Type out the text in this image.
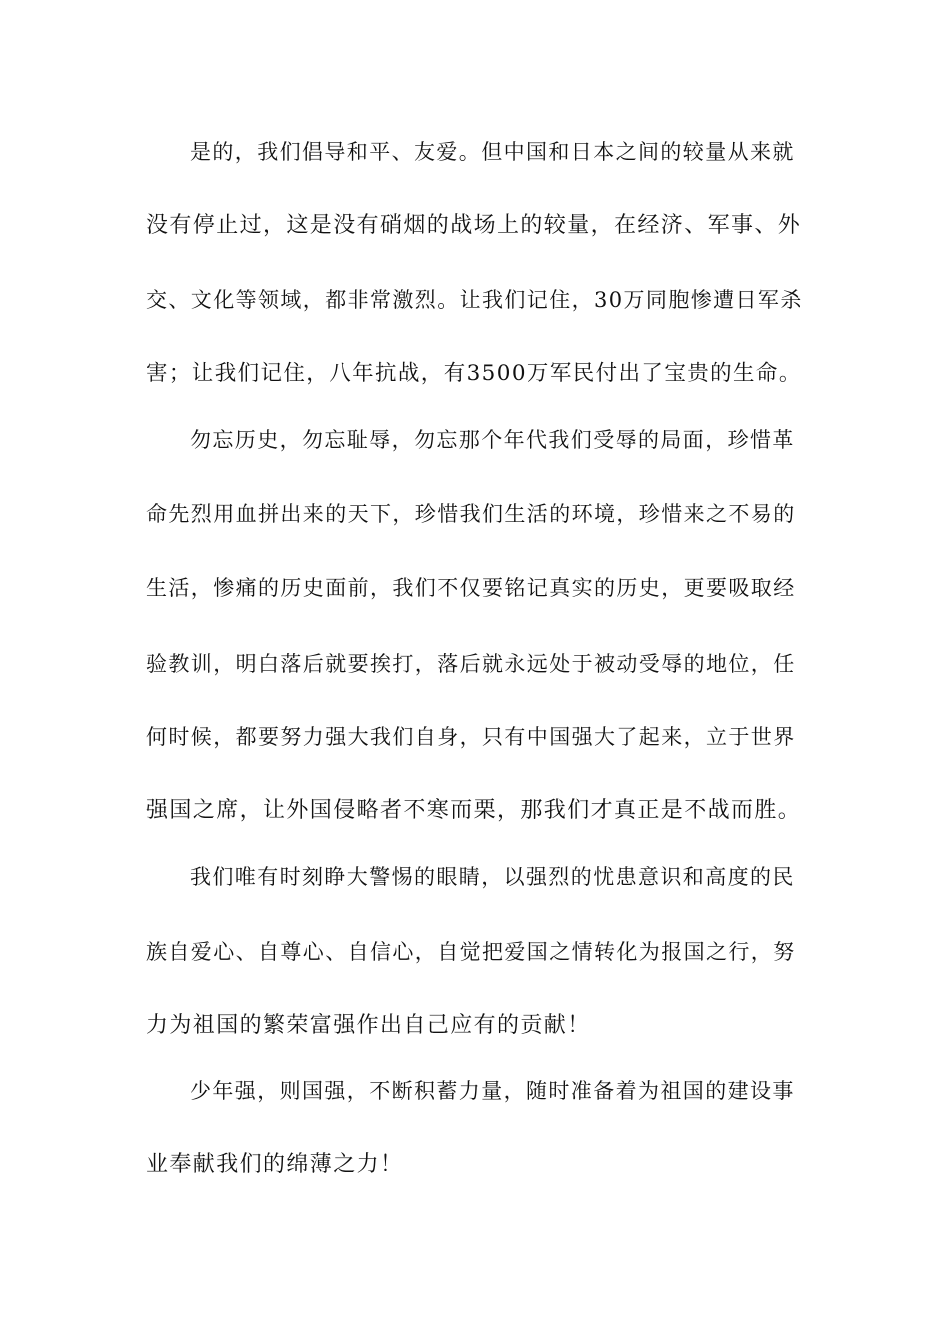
是的，我们倡导和平、友爱。但中国和日本之间的较量从来就
没有停止过，这是没有硝烟的战场上的较量，在经济、军事、外
交、文化等领域，都非常激烈。让我们记住，30万同胞惨遭日军杀
害；让我们记住，八年抗战，有3500万军民付出了宝贵的生命。
勿忘历史，勿忘耻辱，勿忘那个年代我们受辱的局面，珍惜革
命先烈用血拼出来的天下，珍惜我们生活的环境，珍惜来之不易的
生活，惨痛的历史面前，我们不仅要铭记真实的历史，更要吸取经
验教训，明白落后就要挨打，落后就永远处于被动受辱的地位，任
何时候，都要努力强大我们自身，只有中国强大了起来，立于世界
强国之席，让外国侵略者不寒而栗，那我们才真正是不战而胜。
我们唯有时刻睁大警惕的眼睛，以强烈的忧患意识和高度的民
族自爱心、自尊心、自信心，自觉把爱国之情转化为报国之行，努
力为祖国的繁荣富强作出自己应有的贡献！
少年强，则国强，不断积蓄力量，随时准备着为祖国的建设事
业奉献我们的绵薄之力！
